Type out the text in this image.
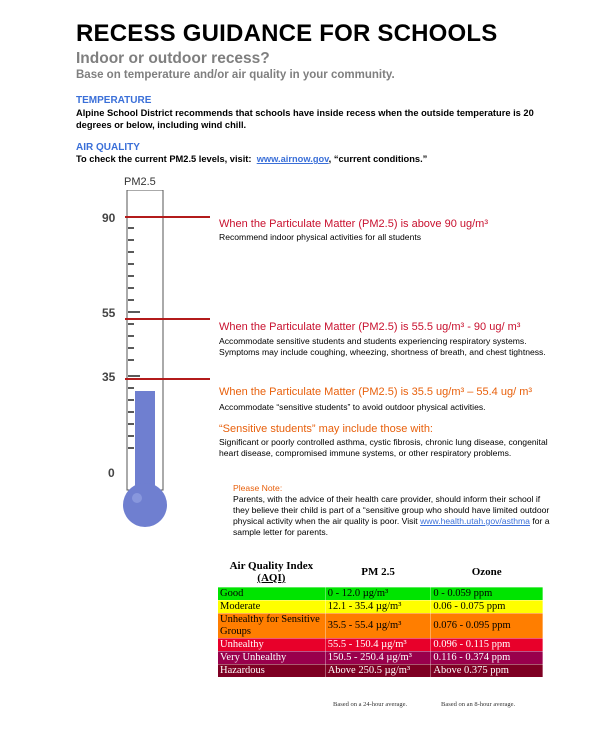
RECESS GUIDANCE FOR SCHOOLS
Indoor or outdoor recess?
Base on temperature and/or air quality in your community.
TEMPERATURE
Alpine School District recommends that schools have inside recess when the outside temperature is 20 degrees or below, including wind chill.
AIR QUALITY
To check the current PM2.5 levels, visit: www.airnow.gov, “current conditions.”
PM2.5
90
55
35
0
When the Particulate Matter (PM2.5) is above 90 ug/m³
Recommend indoor physical activities for all students
When the Particulate Matter (PM2.5) is 55.5 ug/m³ - 90 ug/ m³
Accommodate sensitive students and students experiencing respiratory systems. Symptoms may include coughing, wheezing, shortness of breath, and chest tightness.
When the Particulate Matter (PM2.5) is 35.5 ug/m³ – 55.4 ug/ m³
Accommodate “sensitive students” to avoid outdoor physical activities.
“Sensitive students” may include those with:
Significant or poorly controlled asthma, cystic fibrosis, chronic lung disease, congenital heart disease, compromised immune systems, or other respiratory problems.
Please Note:
Parents, with the advice of their health care provider, should inform their school if they believe their child is part of a “sensitive group who should have limited outdoor physical activity when the air quality is poor. Visit www.health.utah.gov/asthma for a sample letter for parents.
Air Quality Index
(AQI)	PM 2.5	Ozone
Good	0 - 12.0 µg/m³	0 - 0.059 ppm
Moderate	12.1 - 35.4 µg/m³	0.06 - 0.075 ppm
Unhealthy for Sensitive Groups	35.5 - 55.4 µg/m³	0.076 - 0.095 ppm
Unhealthy	55.5 - 150.4 µg/m³	0.096 - 0.115 ppm
Very Unhealthy	150.5 - 250.4 µg/m³	0.116 - 0.374 ppm
Hazardous	Above 250.5 µg/m³	Above 0.375 ppm
Based on a 24-hour average.	Based on an 8-hour average.
